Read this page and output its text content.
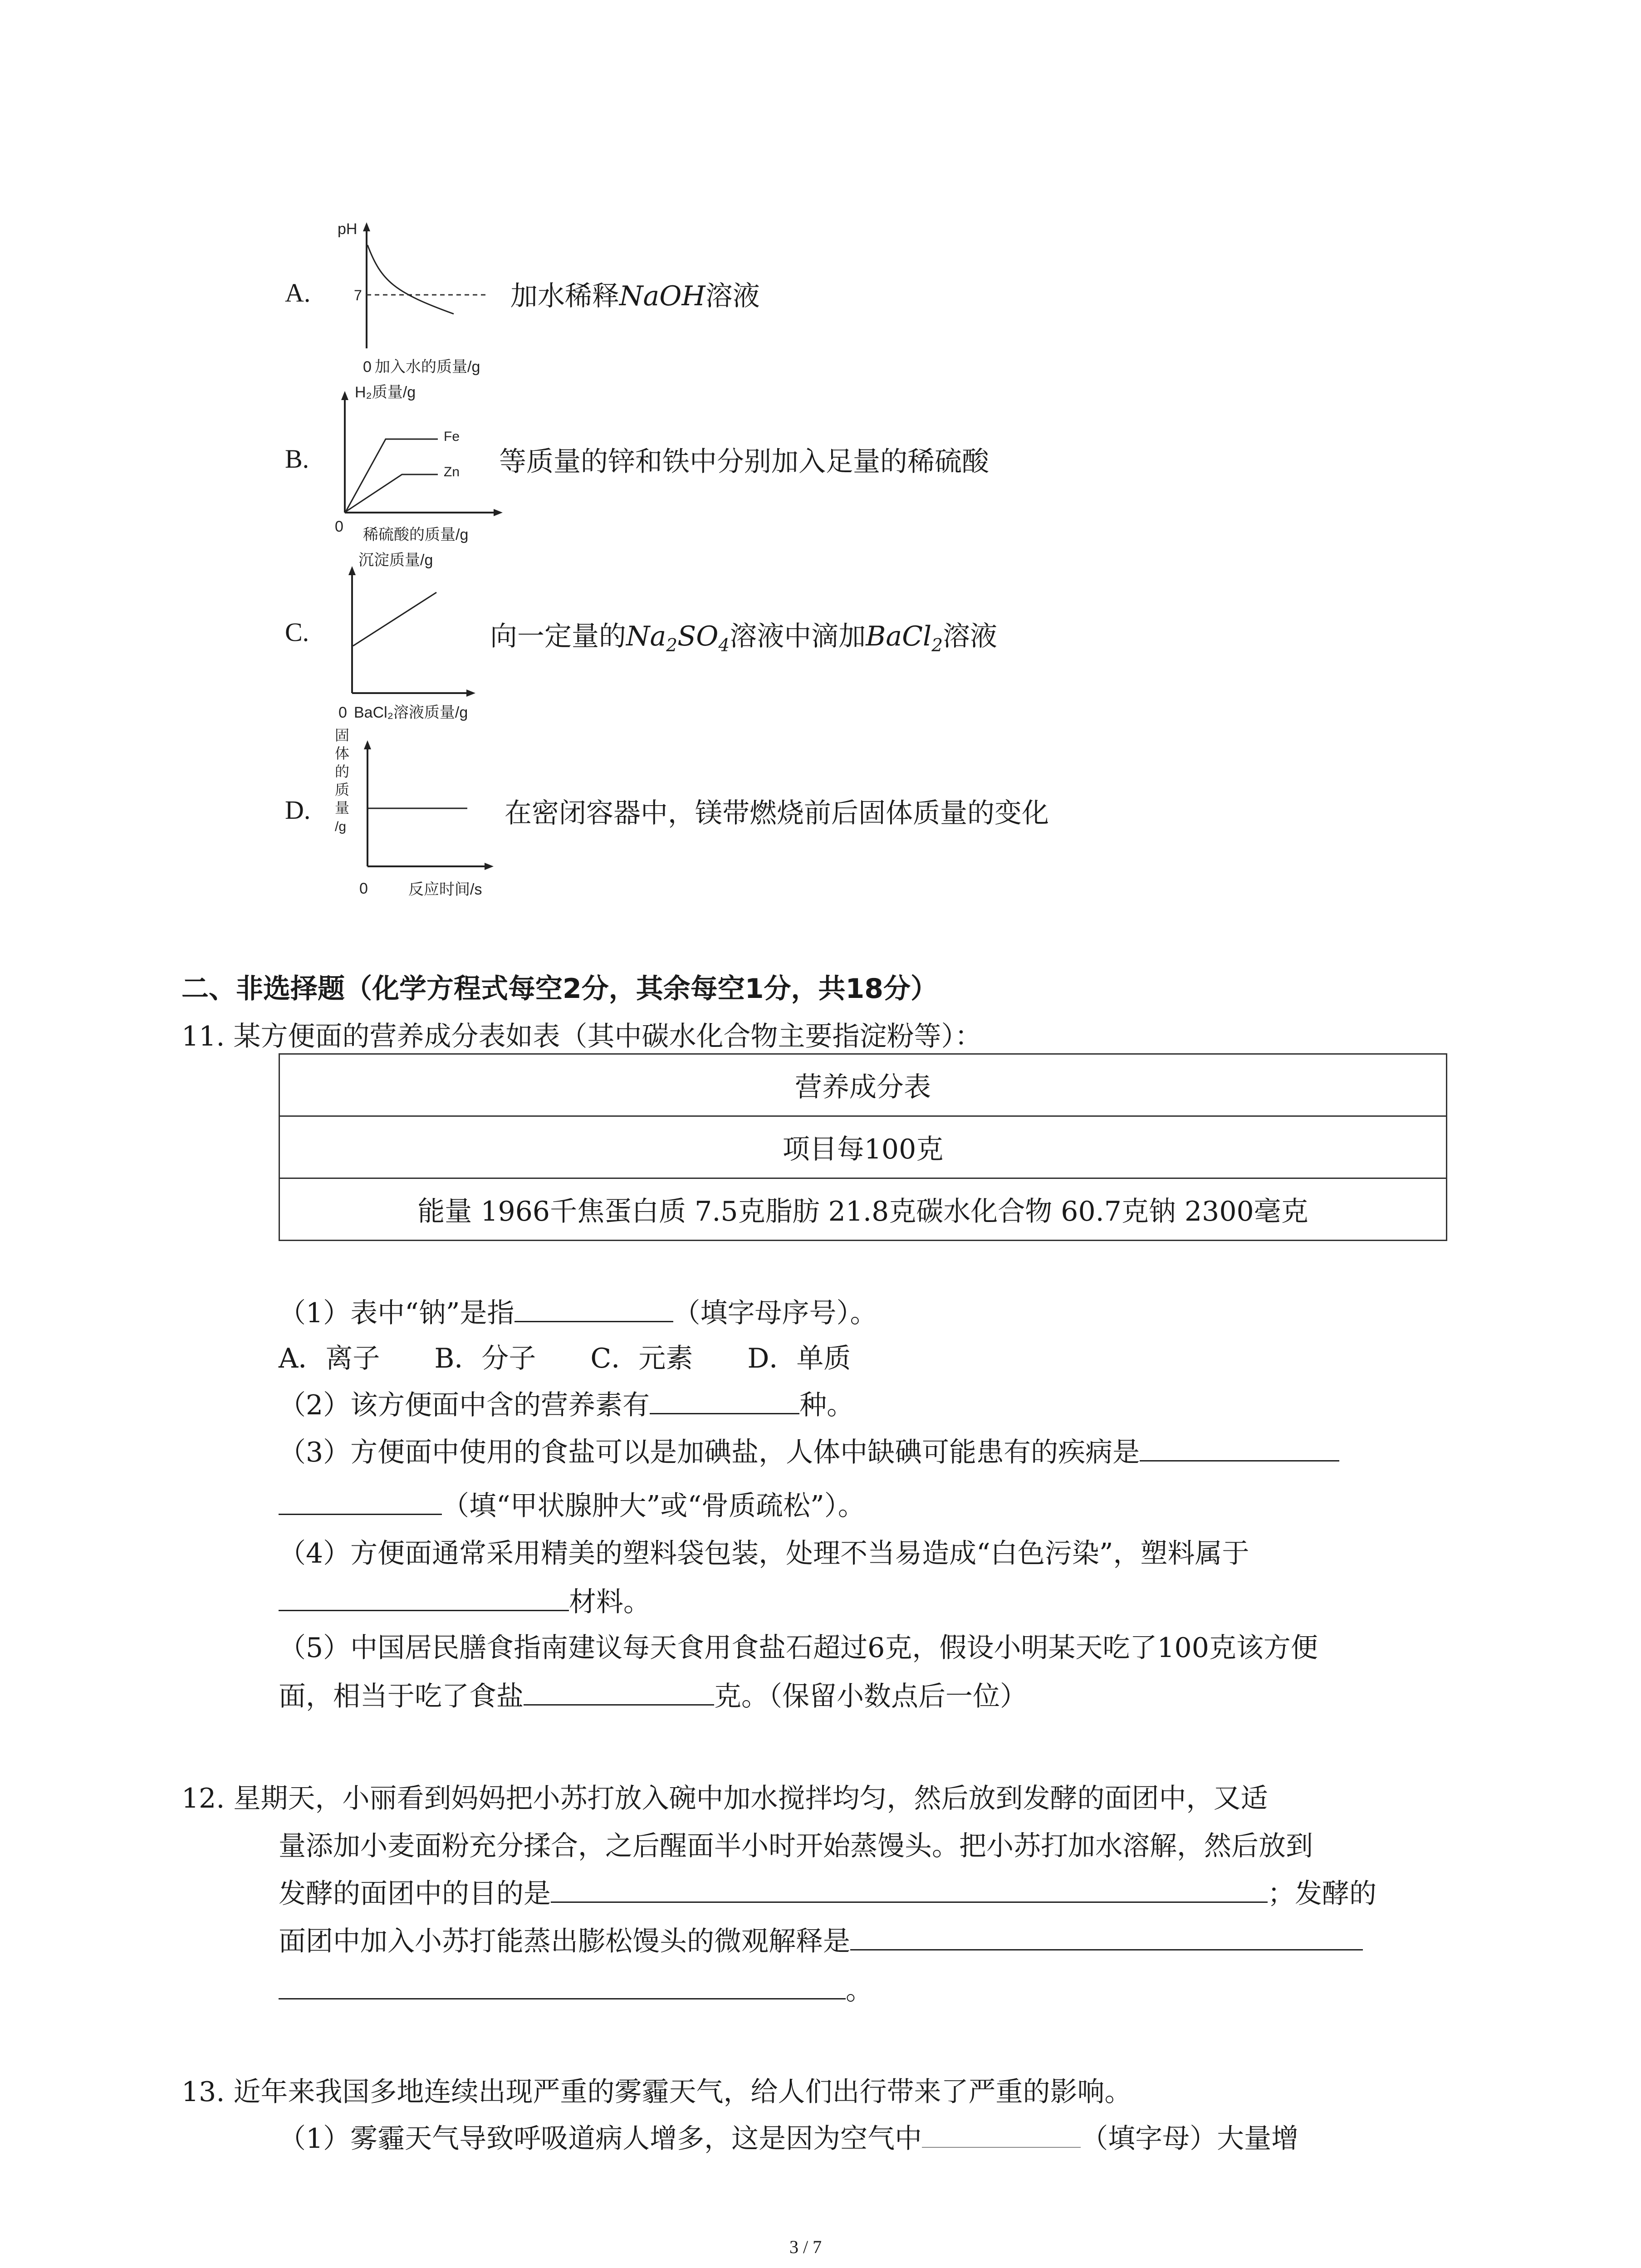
A.
pH
7
0 加入水的质量/g
加水稀释NaOH溶液
B.
H₂质量/g
Fe
Zn
0 稀硫酸的质量/g
等质量的锌和铁中分别加入足量的稀硫酸
C.
沉淀质量/g
0 BaCl₂溶液质量/g
向一定量的$Na_2SO_4$溶液中滴加BaCl$_2$溶液
D.
固
体
的
质
量
/g
0	反应时间/s
在密闭容器中，镁带燃烧前后固体质量的变化
二、非选择题（化学方程式每空2分，其余每空1分，共18分）
11. 某方便面的营养成分表如表（其中碳水化合物主要指淀粉等）：
营养成分表
项目每100克
能量 1966千焦蛋白质 7.5克脂肪 21.8克碳水化合物 60.7克钠 2300毫克
（1）表中“钠”是指	（填字母序号）。
A．离子　　B．分子　　C．元素　　D．单质
（2）该方便面中含的营养素有	种。
（3）方便面中使用的食盐可以是加碘盐，人体中缺碘可能患有的疾病是
（填“甲状腺肿大”或“骨质疏松”）。
（4）方便面通常采用精美的塑料袋包装，处理不当易造成“白色污染”，塑料属于
材料。
（5）中国居民膳食指南建议每天食用食盐石超过6克，假设小明某天吃了100克该方便
面，相当于吃了食盐	克。（保留小数点后一位）
12. 星期天，小丽看到妈妈把小苏打放入碗中加水搅拌均匀，然后放到发酵的面团中，又适
量添加小麦面粉充分揉合，之后醒面半小时开始蒸馒头。把小苏打加水溶解，然后放到
发酵的面团中的目的是	；发酵的
面团中加入小苏打能蒸出膨松馒头的微观解释是
。
13. 近年来我国多地连续出现严重的雾霾天气，给人们出行带来了严重的影响。
（1）雾霾天气导致呼吸道病人增多，这是因为空气中	（填字母）大量增
3 / 7
